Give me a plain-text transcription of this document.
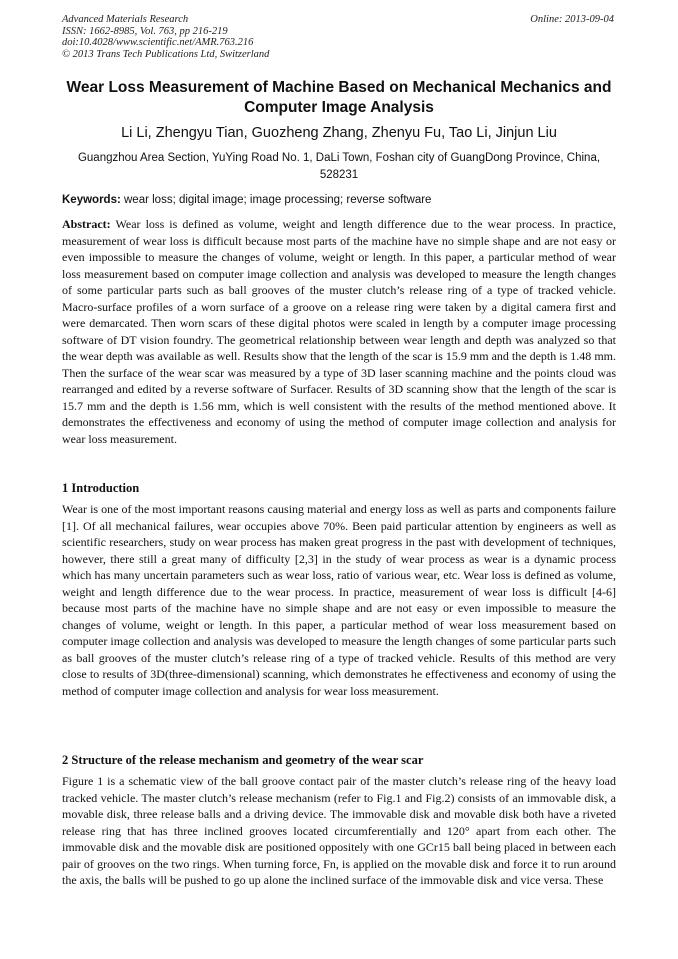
Advanced Materials Research
ISSN: 1662-8985, Vol. 763, pp 216-219
doi:10.4028/www.scientific.net/AMR.763.216
© 2013 Trans Tech Publications Ltd, Switzerland
Online: 2013-09-04
Wear Loss Measurement of Machine Based on Mechanical Mechanics and Computer Image Analysis
Li Li, Zhengyu Tian, Guozheng Zhang, Zhenyu Fu, Tao Li, Jinjun Liu
Guangzhou Area Section, YuYing Road No. 1, DaLi Town, Foshan city of GuangDong Province, China, 528231
Keywords: wear loss; digital image; image processing; reverse software
Abstract: Wear loss is defined as volume, weight and length difference due to the wear process. In practice, measurement of wear loss is difficult because most parts of the machine have no simple shape and are not easy or even impossible to measure the changes of volume, weight or length. In this paper, a particular method of wear loss measurement based on computer image collection and analysis was developed to measure the length changes of some particular parts such as ball grooves of the muster clutch’s release ring of a type of tracked vehicle. Macro-surface profiles of a worn surface of a groove on a release ring were taken by a digital camera first and were demarcated. Then worn scars of these digital photos were scaled in length by a computer image processing software of DT vision foundry. The geometrical relationship between wear length and depth was analyzed so that the wear depth was available as well. Results show that the length of the scar is 15.9 mm and the depth is 1.48 mm. Then the surface of the wear scar was measured by a type of 3D laser scanning machine and the points cloud was rearranged and edited by a reverse software of Surfacer. Results of 3D scanning show that the length of the scar is 15.7 mm and the depth is 1.56 mm, which is well consistent with the results of the method mentioned above. It demonstrates the effectiveness and economy of using the method of computer image collection and analysis for wear loss measurement.
1 Introduction
Wear is one of the most important reasons causing material and energy loss as well as parts and components failure [1]. Of all mechanical failures, wear occupies above 70%. Been paid particular attention by engineers as well as scientific researchers, study on wear process has maken great progress in the past with development of techniques, however, there still a great many of difficulty [2,3] in the study of wear process as wear is a dynamic process which has many uncertain parameters such as wear loss, ratio of various wear, etc. Wear loss is defined as volume, weight and length difference due to the wear process. In practice, measurement of wear loss is difficult [4-6] because most parts of the machine have no simple shape and are not easy or even impossible to measure the changes of volume, weight or length. In this paper, a particular method of wear loss measurement based on computer image collection and analysis was developed to measure the length changes of some particular parts such as ball grooves of the muster clutch’s release ring of a type of tracked vehicle. Results of this method are very close to results of 3D(three-dimensional) scanning, which demonstrates he effectiveness and economy of using the method of computer image collection and analysis for wear loss measurement.
2 Structure of the release mechanism and geometry of the wear scar
Figure 1 is a schematic view of the ball groove contact pair of the master clutch’s release ring of the heavy load tracked vehicle. The master clutch’s release mechanism (refer to Fig.1 and Fig.2) consists of an immovable disk, a movable disk, three release balls and a driving device. The immovable disk and movable disk both have a riveted release ring that has three inclined grooves located circumferentially and 120° apart from each other. The immovable disk and the movable disk are positioned oppositely with one GCr15 ball being placed in between each pair of grooves on the two rings. When turning force, Fn, is applied on the movable disk and force it to run around the axis, the balls will be pushed to go up alone the inclined surface of the immovable disk and vice versa. These
